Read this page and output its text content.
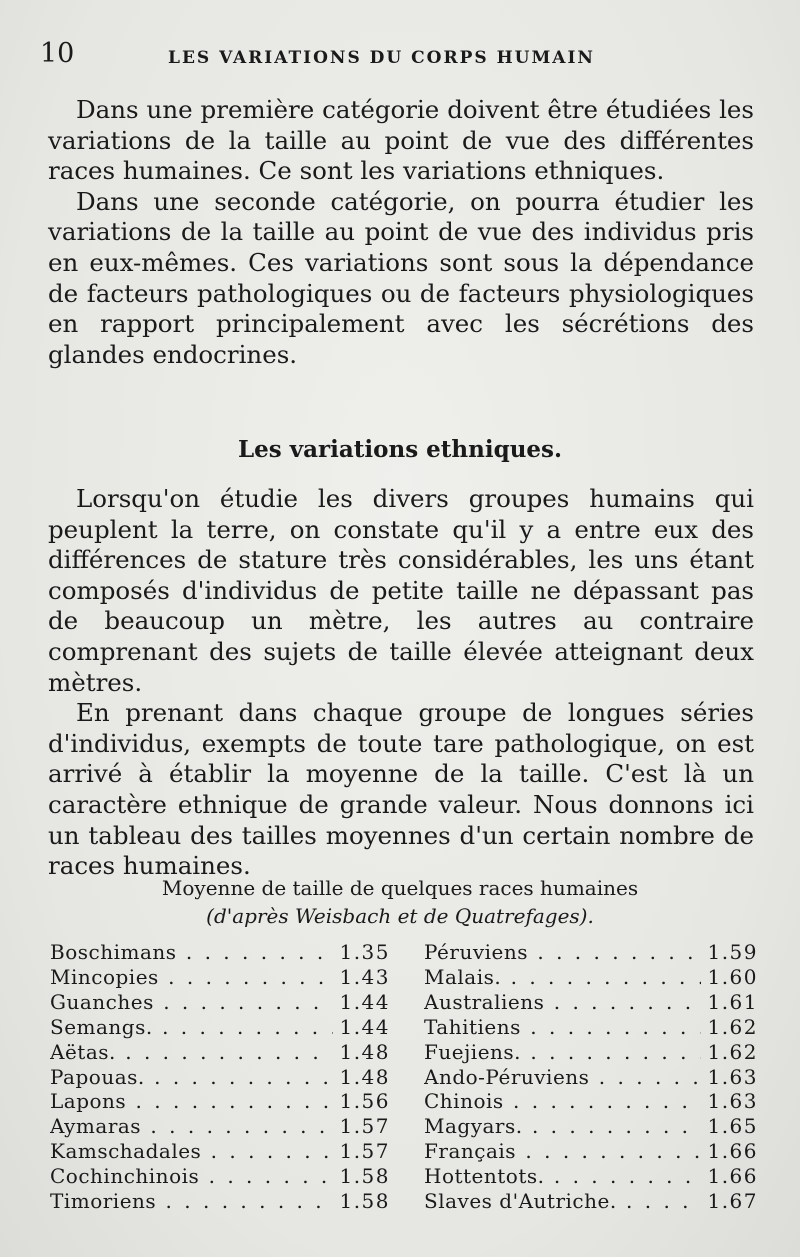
10	LES VARIATIONS DU CORPS HUMAIN

Dans une première catégorie doivent être étudiées les variations de la taille au point de vue des différentes races humaines. Ce sont les variations ethniques.

Dans une seconde catégorie, on pourra étudier les variations de la taille au point de vue des individus pris en eux-mêmes. Ces variations sont sous la dépendance de facteurs pathologiques ou de facteurs physiologiques en rapport principalement avec les sécrétions des glandes endocrines.

Les variations ethniques.

Lorsqu'on étudie les divers groupes humains qui peuplent la terre, on constate qu'il y a entre eux des différences de stature très considérables, les uns étant composés d'individus de petite taille ne dépassant pas de beaucoup un mètre, les autres au contraire comprenant des sujets de taille élevée atteignant deux mètres.

En prenant dans chaque groupe de longues séries d'individus, exempts de toute tare pathologique, on est arrivé à établir la moyenne de la taille. C'est là un caractère ethnique de grande valeur. Nous donnons ici un tableau des tailles moyennes d'un certain nombre de races humaines.

Moyenne de taille de quelques races humaines
(d'après Weisbach et de Quatrefages).
Boschimans . . .	1.35
Mincopies . . .	1.43
Guanches . . .	1.44
Semangs. . . .	1.44
Aëtas. . . .	1.48
Papouas. . . .	1.48
Lapons . . .	1.56
Aymaras . . .	1.57
Kamschadales . . .	1.57
Cochinchinois . . .	1.58
Timoriens . . .	1.58
Péruviens . . .	1.59
Malais. . . .	1.60
Australiens . . .	1.61
Tahitiens . . .	1.62
Fuejiens. . . .	1.62
Ando-Péruviens . . .	1.63
Chinois . . .	1.63
Magyars. . . .	1.65
Français . . .	1.66
Hottentots. . . .	1.66
Slaves d'Autriche. . . .	1.67
